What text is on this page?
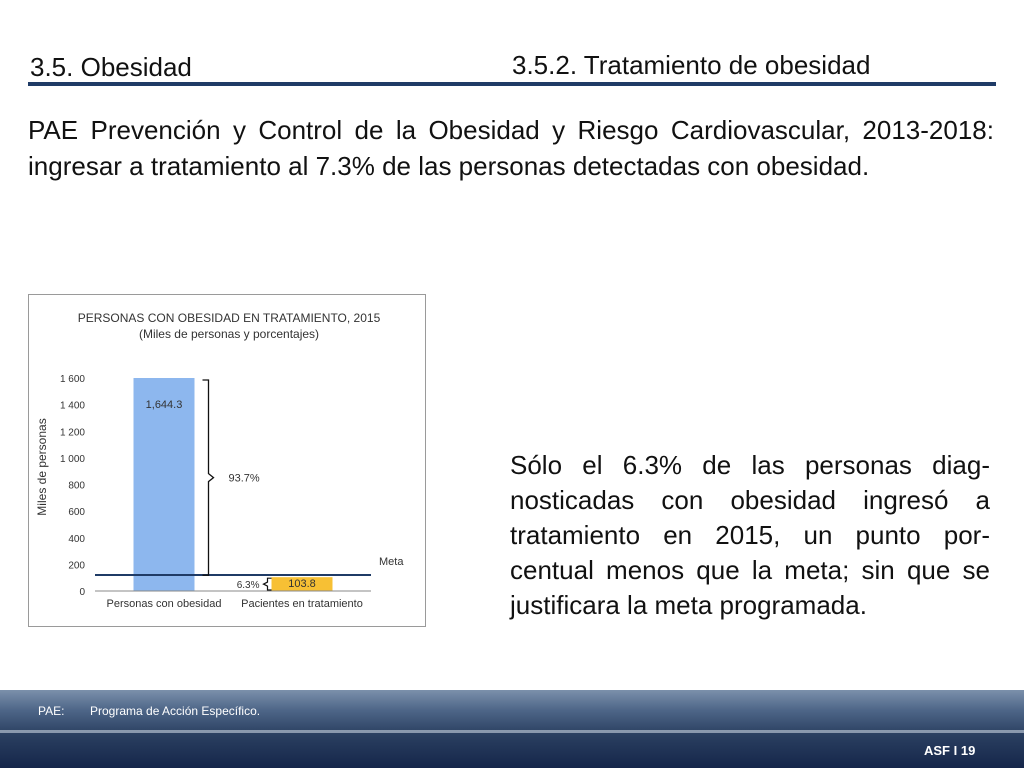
3.5. Obesidad	3.5.2. Tratamiento de obesidad
PAE Prevención y Control de la Obesidad y Riesgo Cardiovascular, 2013-2018: ingresar a tratamiento al 7.3% de las personas detectadas con obesidad.
PERSONAS CON OBESIDAD EN TRATAMIENTO, 2015
(Miles de personas y porcentajes)
Miles de personas
0
200
400
600
800
1 000
1 200
1 400
1 600
Personas con obesidad Pacientes en tratamiento
1,644.3
103.8
93.7%
6.3%
Meta
Sólo el 6.3% de las personas diag-nosticadas con obesidad ingresó a tratamiento en 2015, un punto por-centual menos que la meta; sin que se justificara la meta programada.
PAE: Programa de Acción Específico.
ASF I 19
